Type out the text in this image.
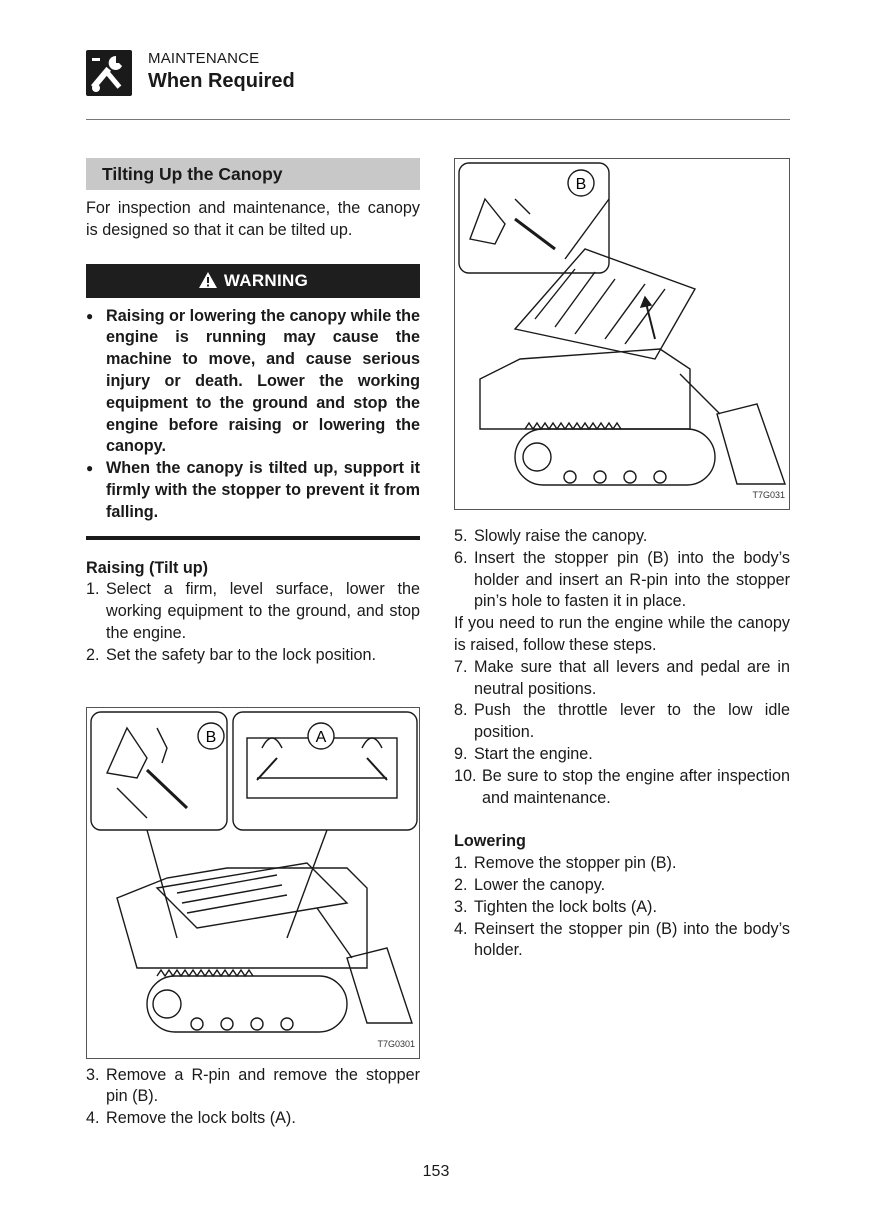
MAINTENANCE
When Required
Tilting Up the Canopy

For inspection and maintenance, the canopy is designed so that it can be tilted up.

WARNING
● Raising or lowering the canopy while the engine is running may cause the machine to move, and cause serious injury or death. Lower the working equipment to the ground and stop the engine before raising or lowering the canopy.
● When the canopy is tilted up, support it firmly with the stopper to prevent it from falling.
Raising (Tilt up)
1. Select a firm, level surface, lower the working equipment to the ground, and stop the engine.
2. Set the safety bar to the lock position.
B	A
T7G0301
3. Remove a R-pin and remove the stopper pin (B).
4. Remove the lock bolts (A).
B
T7G031
5. Slowly raise the canopy.
6. Insert the stopper pin (B) into the body’s holder and insert an R-pin into the stopper pin’s hole to fasten it in place.

If you need to run the engine while the canopy is raised, follow these steps.

7. Make sure that all levers and pedal are in neutral positions.
8. Push the throttle lever to the low idle position.
9. Start the engine.
10. Be sure to stop the engine after inspection and maintenance.
Lowering
1. Remove the stopper pin (B).
2. Lower the canopy.
3. Tighten the lock bolts (A).
4. Reinsert the stopper pin (B) into the body’s holder.
153
